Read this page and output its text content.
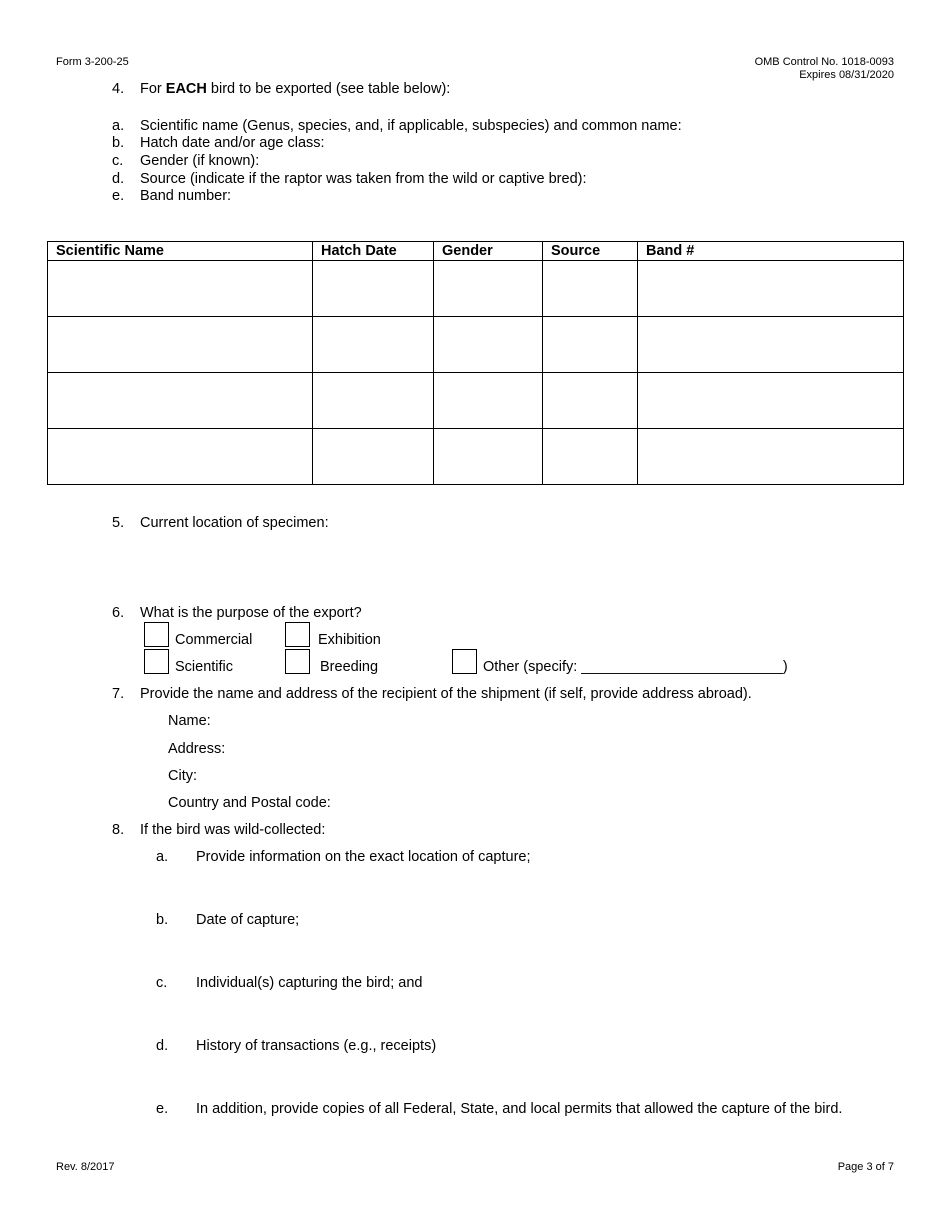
Form 3-200-25	OMB Control No. 1018-0093
Expires 08/31/2020
4. For EACH bird to be exported (see table below):
a. Scientific name (Genus, species, and, if applicable, subspecies) and common name:
b. Hatch date and/or age class:
c. Gender (if known):
d. Source (indicate if the raptor was taken from the wild or captive bred):
e. Band number:
Scientific Name	Hatch Date	Gender	Source	Band #

5. Current location of specimen:
6. What is the purpose of the export?
Commercial	Exhibition
Scientific	Breeding	Other (specify: _________________________)
7. Provide the name and address of the recipient of the shipment (if self, provide address abroad).
Name:
Address:
City:
Country and Postal code:
8. If the bird was wild-collected:
a. Provide information on the exact location of capture;
b. Date of capture;
c. Individual(s) capturing the bird; and
d. History of transactions (e.g., receipts)
e. In addition, provide copies of all Federal, State, and local permits that allowed the capture of the bird.
Rev. 8/2017	Page 3 of 7
